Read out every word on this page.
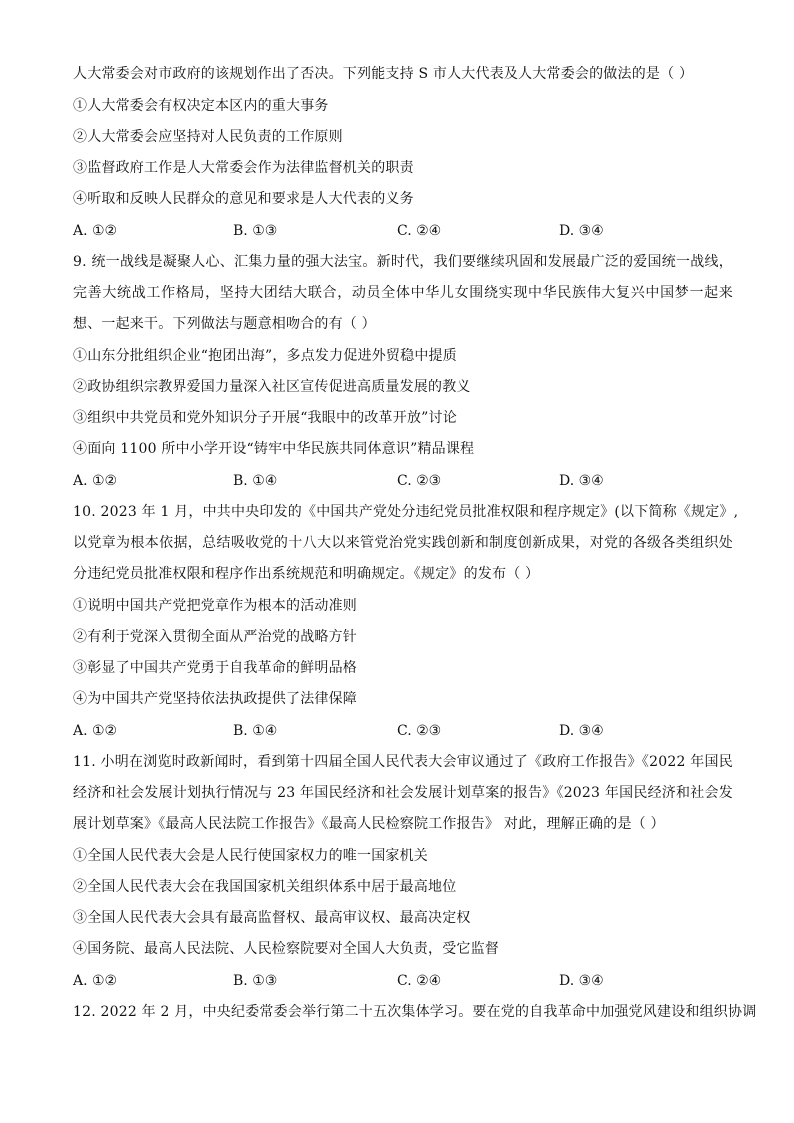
人大常委会对市政府的该规划作出了否决。下列能支持 S 市人大代表及人大常委会的做法的是（ ）
①人大常委会有权决定本区内的重大事务
②人大常委会应坚持对人民负责的工作原则
③监督政府工作是人大常委会作为法律监督机关的职责
④听取和反映人民群众的意见和要求是人大代表的义务
A. ①②	B. ①③	C. ②④	D. ③④
9. 统一战线是凝聚人心、汇集力量的强大法宝。新时代，我们要继续巩固和发展最广泛的爱国统一战线，
完善大统战工作格局，坚持大团结大联合，动员全体中华儿女围绕实现中华民族伟大复兴中国梦一起来
想、一起来干。下列做法与题意相吻合的有（ ）
①山东分批组织企业“抱团出海”，多点发力促进外贸稳中提质
②政协组织宗教界爱国力量深入社区宣传促进高质量发展的教义
③组织中共党员和党外知识分子开展“我眼中的改革开放”讨论
④面向 1100 所中小学开设“铸牢中华民族共同体意识”精品课程
A. ①②	B. ①④	C. ②③	D. ③④
10. 2023 年 1 月，中共中央印发的《中国共产党处分违纪党员批准权限和程序规定》(以下简称《规定》,
以党章为根本依据，总结吸收党的十八大以来管党治党实践创新和制度创新成果，对党的各级各类组织处
分违纪党员批准权限和程序作出系统规范和明确规定。《规定》的发布（ ）
①说明中国共产党把党章作为根本的活动准则
②有利于党深入贯彻全面从严治党的战略方针
③彰显了中国共产党勇于自我革命的鲜明品格
④为中国共产党坚持依法执政提供了法律保障
A. ①②	B. ①④	C. ②③	D. ③④
11. 小明在浏览时政新闻时，看到第十四届全国人民代表大会审议通过了《政府工作报告》《2022 年国民
经济和社会发展计划执行情况与 23 年国民经济和社会发展计划草案的报告》《2023 年国民经济和社会发
展计划草案》《最高人民法院工作报告》《最高人民检察院工作报告》 对此，理解正确的是（ ）
①全国人民代表大会是人民行使国家权力的唯一国家机关
②全国人民代表大会在我国国家机关组织体系中居于最高地位
③全国人民代表大会具有最高监督权、最高审议权、最高决定权
④国务院、最高人民法院、人民检察院要对全国人大负责，受它监督
A. ①②	B. ①③	C. ②④	D. ③④
12. 2022 年 2 月，中央纪委常委会举行第二十五次集体学习。要在党的自我革命中加强党风建设和组织协调
